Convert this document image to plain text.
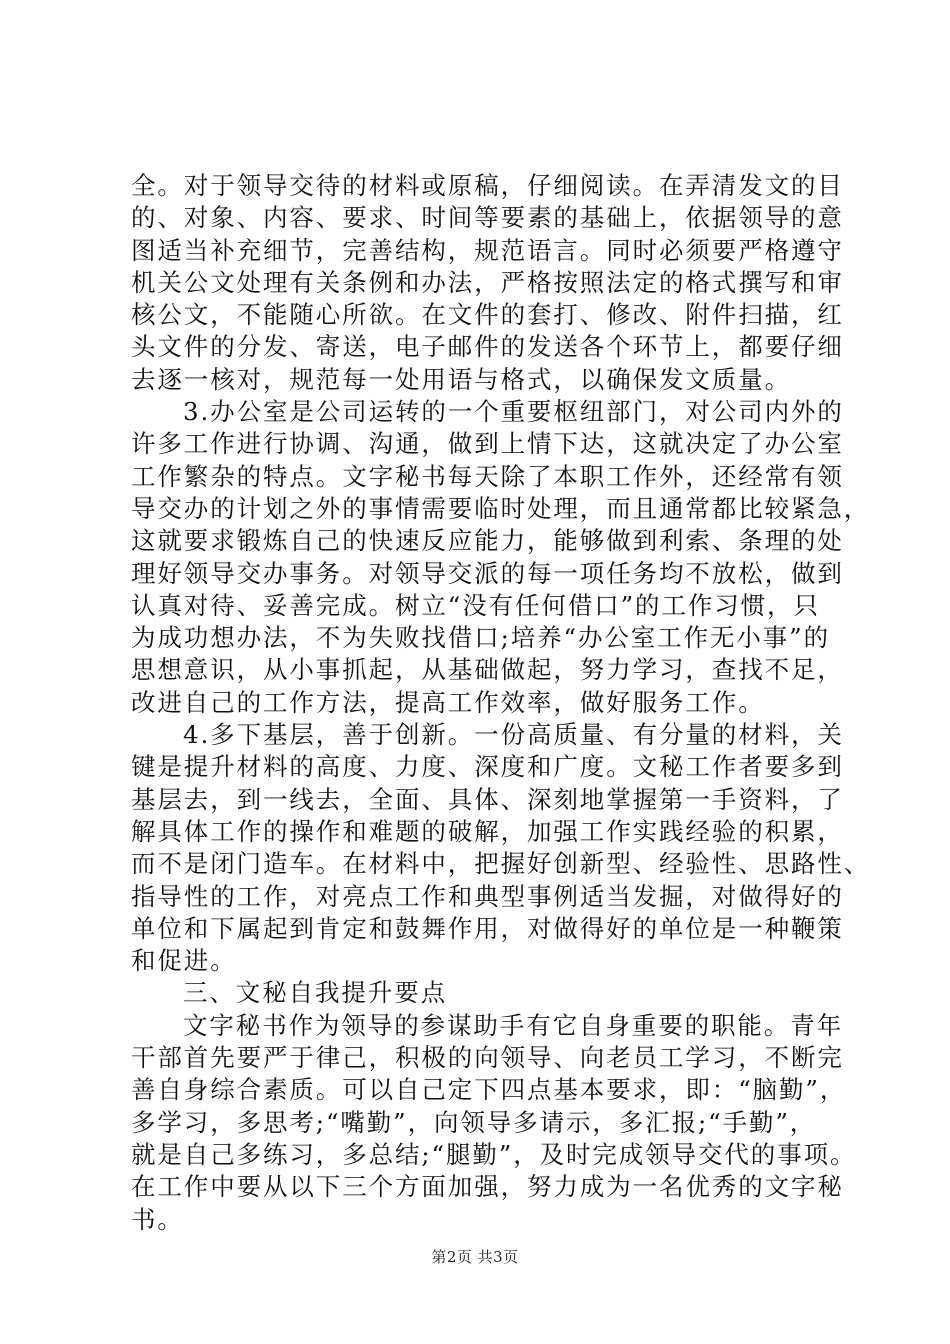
全。对于领导交待的材料或原稿，仔细阅读。在弄清发文的目
的、对象、内容、要求、时间等要素的基础上，依据领导的意
图适当补充细节，完善结构，规范语言。同时必须要严格遵守
机关公文处理有关条例和办法，严格按照法定的格式撰写和审
核公文，不能随心所欲。在文件的套打、修改、附件扫描，红
头文件的分发、寄送，电子邮件的发送各个环节上，都要仔细
去逐一核对，规范每一处用语与格式，以确保发文质量。
3.办公室是公司运转的一个重要枢纽部门，对公司内外的
许多工作进行协调、沟通，做到上情下达，这就决定了办公室
工作繁杂的特点。文字秘书每天除了本职工作外，还经常有领
导交办的计划之外的事情需要临时处理，而且通常都比较紧急，
这就要求锻炼自己的快速反应能力，能够做到利索、条理的处
理好领导交办事务。对领导交派的每一项任务均不放松，做到
认真对待、妥善完成。树立“没有任何借口”的工作习惯，只
为成功想办法，不为失败找借口;培养“办公室工作无小事”的
思想意识，从小事抓起，从基础做起，努力学习，查找不足，
改进自己的工作方法，提高工作效率，做好服务工作。
4.多下基层，善于创新。一份高质量、有分量的材料，关
键是提升材料的高度、力度、深度和广度。文秘工作者要多到
基层去，到一线去，全面、具体、深刻地掌握第一手资料，了
解具体工作的操作和难题的破解，加强工作实践经验的积累，
而不是闭门造车。在材料中，把握好创新型、经验性、思路性、
指导性的工作，对亮点工作和典型事例适当发掘，对做得好的
单位和下属起到肯定和鼓舞作用，对做得好的单位是一种鞭策
和促进。
三、文秘自我提升要点
文字秘书作为领导的参谋助手有它自身重要的职能。青年
干部首先要严于律己，积极的向领导、向老员工学习，不断完
善自身综合素质。可以自己定下四点基本要求，即：“脑勤”，
多学习，多思考;“嘴勤”，向领导多请示，多汇报;“手勤”，
就是自己多练习，多总结;“腿勤”，及时完成领导交代的事项。
在工作中要从以下三个方面加强，努力成为一名优秀的文字秘
书。
第2页 共3页
